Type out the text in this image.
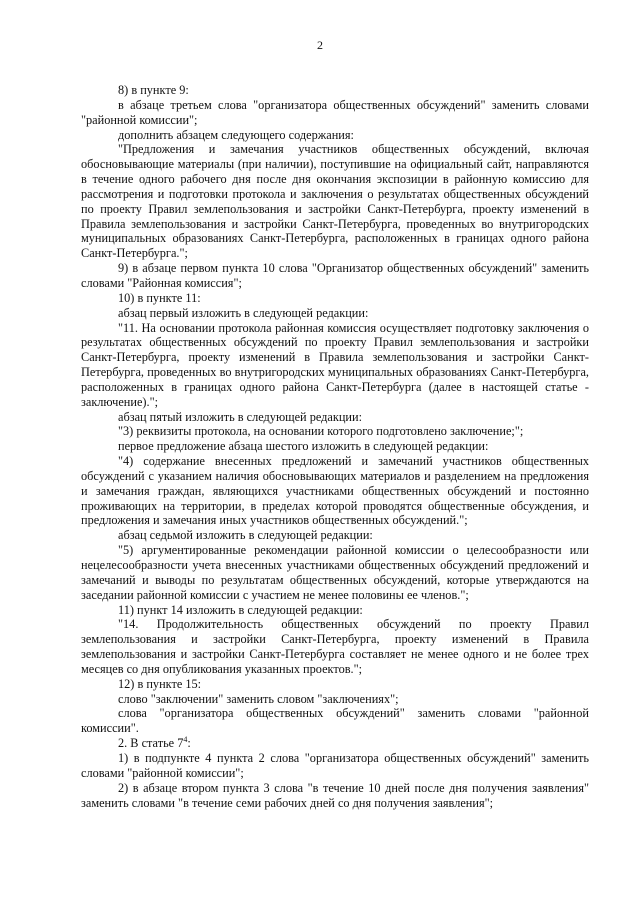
2

8) в пункте 9:

в абзаце третьем слова "организатора общественных обсуждений" заменить словами "районной комиссии";

дополнить абзацем следующего содержания:

"Предложения и замечания участников общественных обсуждений, включая обосновывающие материалы (при наличии), поступившие на официальный сайт, направляются в течение одного рабочего дня после дня окончания экспозиции в районную комиссию для рассмотрения и подготовки протокола и заключения о результатах общественных обсуждений по проекту Правил землепользования и застройки Санкт-Петербурга, проекту изменений в Правила землепользования и застройки Санкт-Петербурга, проведенных во внутригородских муниципальных образованиях Санкт-Петербурга, расположенных в границах одного района Санкт-Петербурга.";

9) в абзаце первом пункта 10 слова "Организатор общественных обсуждений" заменить словами "Районная комиссия";

10) в пункте 11:

абзац первый изложить в следующей редакции:

"11. На основании протокола районная комиссия осуществляет подготовку заключения о результатах общественных обсуждений по проекту Правил землепользования и застройки Санкт-Петербурга, проекту изменений в Правила землепользования и застройки Санкт-Петербурга, проведенных во внутригородских муниципальных образованиях Санкт-Петербурга, расположенных в границах одного района Санкт-Петербурга (далее в настоящей статье - заключение).";

абзац пятый изложить в следующей редакции:

"3) реквизиты протокола, на основании которого подготовлено заключение;";

первое предложение абзаца шестого изложить в следующей редакции:

"4) содержание внесенных предложений и замечаний участников общественных обсуждений с указанием наличия обосновывающих материалов и разделением на предложения и замечания граждан, являющихся участниками общественных обсуждений и постоянно проживающих на территории, в пределах которой проводятся общественные обсуждения, и предложения и замечания иных участников общественных обсуждений.";

абзац седьмой изложить в следующей редакции:

"5) аргументированные рекомендации районной комиссии о целесообразности или нецелесообразности учета внесенных участниками общественных обсуждений предложений и замечаний и выводы по результатам общественных обсуждений, которые утверждаются на заседании районной комиссии с участием не менее половины ее членов.";

11) пункт 14 изложить в следующей редакции:

"14. Продолжительность общественных обсуждений по проекту Правил землепользования и застройки Санкт-Петербурга, проекту изменений в Правила землепользования и застройки Санкт-Петербурга составляет не менее одного и не более трех месяцев со дня опубликования указанных проектов.";

12) в пункте 15:

слово "заключении" заменить словом "заключениях";

слова "организатора общественных обсуждений" заменить словами "районной комиссии".

2. В статье $7^4$:

1) в подпункте 4 пункта 2 слова "организатора общественных обсуждений" заменить словами "районной комиссии";

2) в абзаце втором пункта 3 слова "в течение 10 дней после дня получения заявления" заменить словами "в течение семи рабочих дней со дня получения заявления";
